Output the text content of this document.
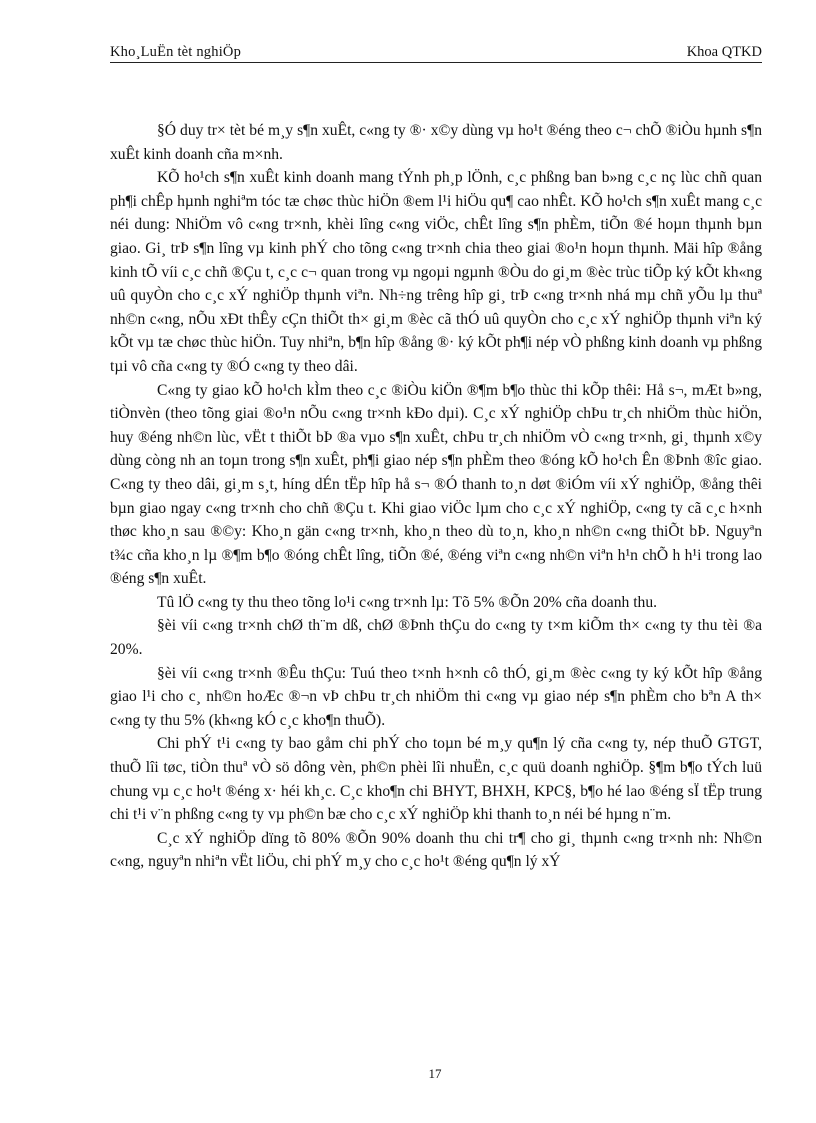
Kho¸LuËn tèt nghiÖp	Khoa QTKD

§Ó duy tr× tèt bé m¸y s¶n xuÊt, c«ng ty ®· x©y dùng vµ ho¹t ®éng theo c¬ chÕ ®iÒu hµnh s¶n xuÊt kinh doanh cña m×nh.

KÕ ho¹ch s¶n xuÊt kinh doanh mang tÝnh ph¸p lÖnh, c¸c phßng ban b»ng c¸c nç lùc chñ quan ph¶i chÊp hµnh nghiªm tóc tæ chøc thùc hiÖn ®em l¹i hiÖu qu¶ cao nhÊt. KÕ ho¹ch s¶n xuÊt mang c¸c néi dung: NhiÖm vô c«ng tr×nh, khèi lîng c«ng viÖc, chÊt lîng s¶n phÈm, tiÕn ®é hoµn thµnh bµn giao. Gi¸ trÞ s¶n lîng vµ kinh phÝ cho tõng c«ng tr×nh chia theo giai ®o¹n hoµn thµnh. Mäi hîp ®ång kinh tÕ víi c¸c chñ ®Çu t, c¸c c¬ quan trong vµ ngoµi ngµnh ®Òu do gi¸m ®èc trùc tiÕp ký kÕt kh«ng uû quyÒn cho c¸c xÝ nghiÖp thµnh viªn. Nh÷ng trêng hîp gi¸ trÞ c«ng tr×nh nhá mµ chñ yÕu lµ thuª nh©n c«ng, nÕu xÐt thÊy cÇn thiÕt th× gi¸m ®èc cã thÓ uû quyÒn cho c¸c xÝ nghiÖp thµnh viªn ký kÕt vµ tæ chøc thùc hiÖn. Tuy nhiªn, b¶n hîp ®ång ®· ký kÕt ph¶i nép vÒ phßng kinh doanh vµ phßng tµi vô cña c«ng ty ®Ó c«ng ty theo dâi.

C«ng ty giao kÕ ho¹ch kÌm theo c¸c ®iÒu kiÖn ®¶m b¶o thùc thi kÕp thêi: Hå s¬, mÆt b»ng, tiÒnvèn (theo tõng giai ®o¹n nÕu c«ng tr×nh kÐo dµi). C¸c xÝ nghiÖp chÞu tr¸ch nhiÖm thùc hiÖn, huy ®éng nh©n lùc, vËt t thiÕt bÞ ®a vµo s¶n xuÊt, chÞu tr¸ch nhiÖm vÒ c«ng tr×nh, gi¸ thµnh x©y dùng còng nh an toµn trong s¶n xuÊt, ph¶i giao nép s¶n phÈm theo ®óng kÕ ho¹ch Ên ®Þnh ®îc giao. C«ng ty theo dâi, gi¸m s¸t, híng dÉn tËp hîp hå s¬ ®Ó thanh to¸n døt ®iÓm víi xÝ nghiÖp, ®ång thêi bµn giao ngay c«ng tr×nh cho chñ ®Çu t. Khi giao viÖc lµm cho c¸c xÝ nghiÖp, c«ng ty cã c¸c h×nh thøc kho¸n sau ®©y: Kho¸n gän c«ng tr×nh, kho¸n theo dù to¸n, kho¸n nh©n c«ng thiÕt bÞ. Nguyªn t¾c cña kho¸n lµ ®¶m b¶o ®óng chÊt lîng, tiÕn ®é, ®éng viªn c«ng nh©n viªn h¹n chÕ h h¹i trong lao ®éng s¶n xuÊt.

Tû lÖ c«ng ty thu theo tõng lo¹i c«ng tr×nh lµ: Tõ 5% ®Õn 20% cña doanh thu.

§èi víi c«ng tr×nh chØ th¨m dß, chØ ®Þnh thÇu do c«ng ty t×m kiÕm th× c«ng ty thu tèi ®a 20%.

§èi víi c«ng tr×nh ®Êu thÇu: Tuú theo t×nh h×nh cô thÓ, gi¸m ®èc c«ng ty ký kÕt hîp ®ång giao l¹i cho c¸ nh©n hoÆc ®¬n vÞ chÞu tr¸ch nhiÖm thi c«ng vµ giao nép s¶n phÈm cho bªn A th× c«ng ty thu 5% (kh«ng kÓ c¸c kho¶n thuÕ).

Chi phÝ t¹i c«ng ty bao gåm chi phÝ cho toµn bé m¸y qu¶n lý cña c«ng ty, nép thuÕ GTGT, thuÕ lîi tøc, tiÒn thuª vÒ sö dông vèn, ph©n phèi lîi nhuËn, c¸c quü doanh nghiÖp. §¶m b¶o tÝch luü chung vµ c¸c ho¹t ®éng x· héi kh¸c. C¸c kho¶n chi BHYT, BHXH, KPC§, b¶o hé lao ®éng sÏ tËp trung chi t¹i v¨n phßng c«ng ty vµ ph©n bæ cho c¸c xÝ nghiÖp khi thanh to¸n néi bé hµng n¨m.

C¸c xÝ nghiÖp dïng tõ 80% ®Õn 90% doanh thu chi tr¶ cho gi¸ thµnh c«ng tr×nh nh: Nh©n c«ng, nguyªn nhiªn vËt liÖu, chi phÝ m¸y cho c¸c ho¹t ®éng qu¶n lý xÝ

17
